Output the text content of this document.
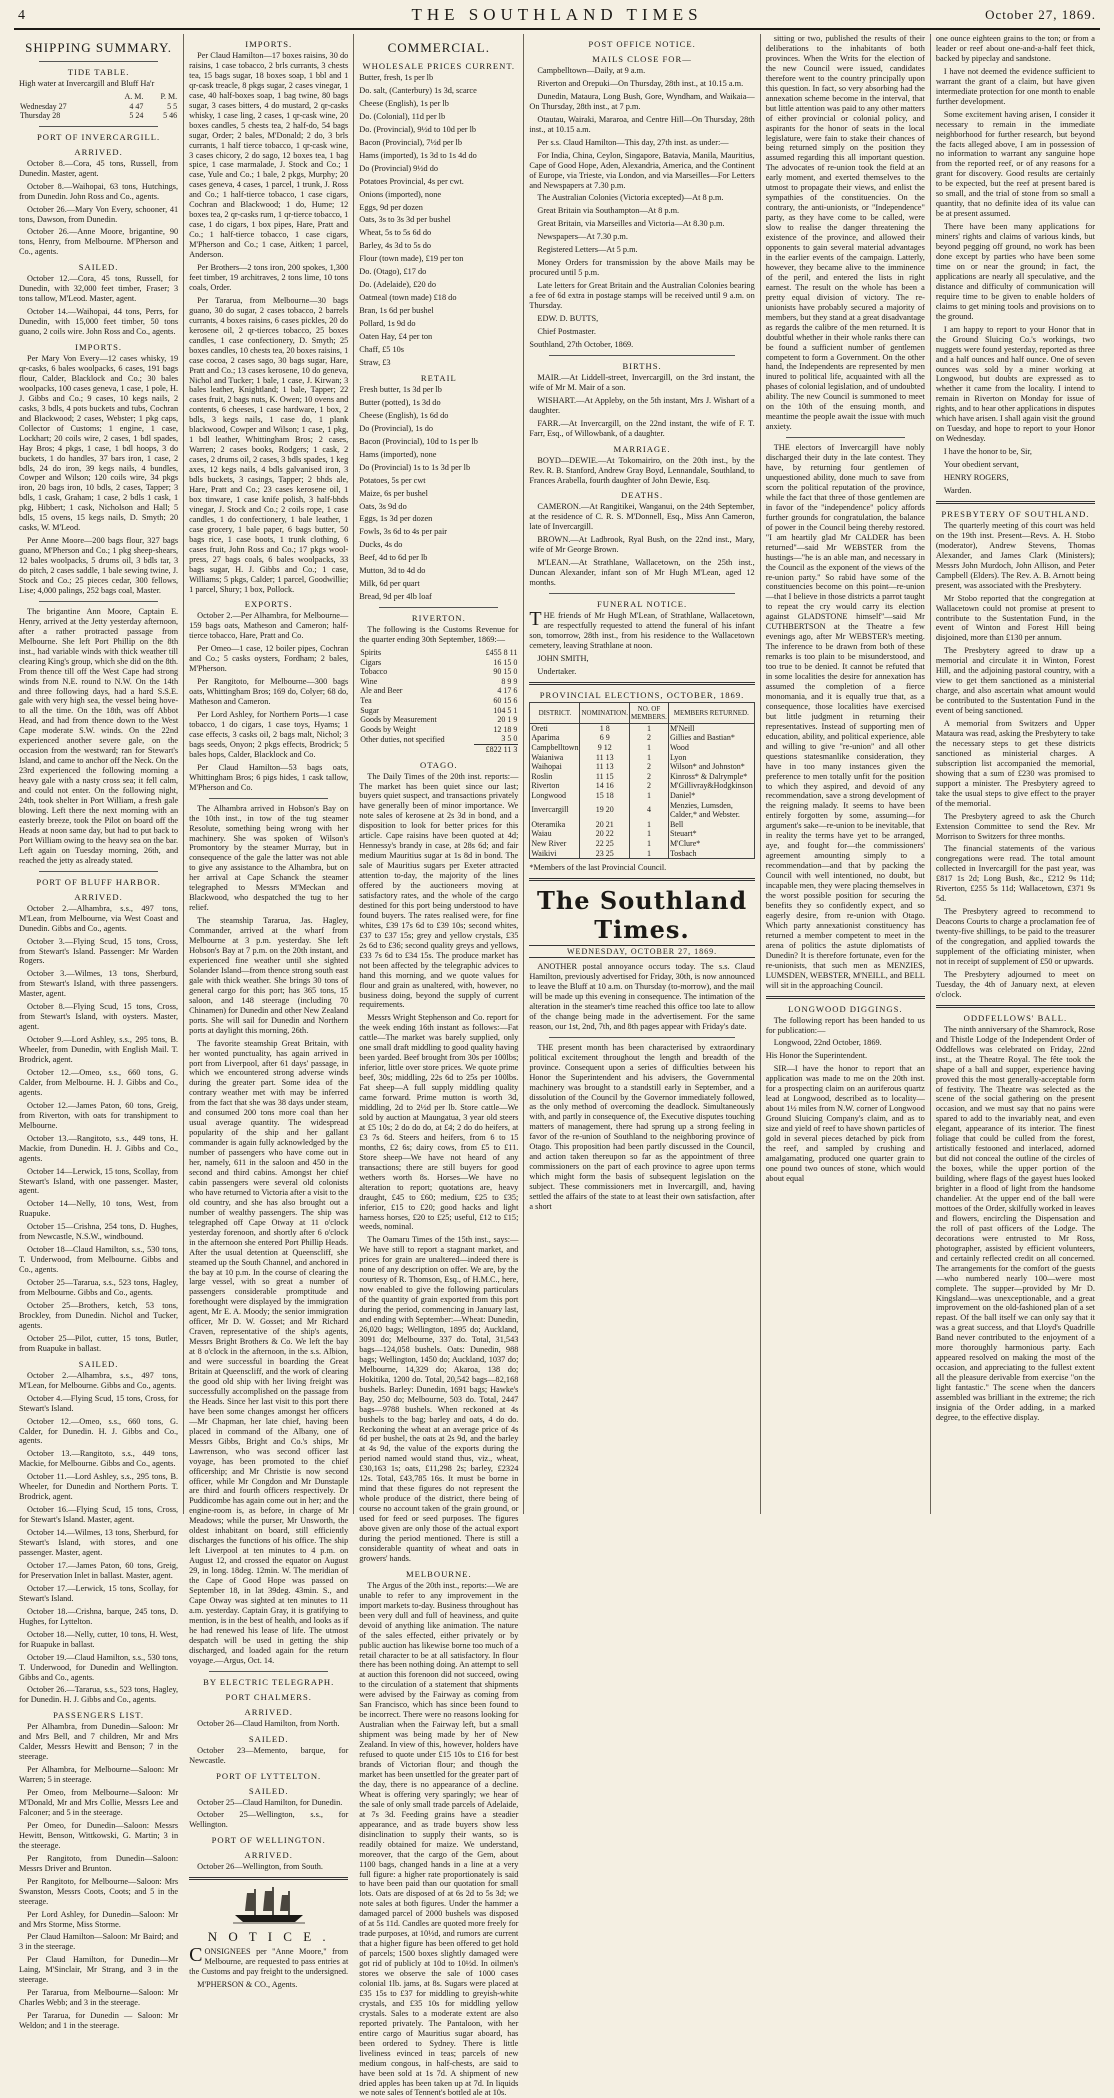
4	THE SOUTHLAND TIMES	October 27, 1869.
SHIPPING SUMMARY.
TIDE TABLE.

High water at Invercargill and Bluff Ha'r

	A. M.	P. M.
Wednesday 27	4 47	5 5
Thursday 28	5 24	5 46
PORT OF INVERCARGILL.
ARRIVED.

October 8.—Cora, 45 tons, Russell, from Dunedin. Master, agent.

October 8.—Waihopai, 63 tons, Hutchings, from Dunedin. John Ross and Co., agents.

October 26.—Mary Von Every, schooner, 41 tons, Dawson, from Dunedin.

October 26.—Anne Moore, brigantine, 90 tons, Henry, from Melbourne. M'Pherson and Co., agents.

SAILED.

October 12.—Cora, 45 tons, Russell, for Dunedin, with 32,000 feet timber, Fraser; 3 tons tallow, M'Leod. Master, agent.

October 14.—Waihopai, 44 tons, Perrs, for Dunedin, with 15,000 feet timber, 50 tons guano, 2 coils wire. John Ross and Co., agents.

IMPORTS.

Per Mary Von Every—12 cases whisky, 19 qr-casks, 6 bales woolpacks, 6 cases, 191 bags flour, Calder, Blacklock and Co.; 30 bales woolpacks, 100 cases geneva, 1 case, 1 pole, H. J. Gibbs and Co.; 9 cases, 10 kegs nails, 2 casks, 3 bdls, 4 pots buckets and tubs, Cochran and Blackwood; 2 cases, Webster; 1 pkg caps, Collector of Customs; 1 engine, 1 case, Lockhart; 20 coils wire, 2 cases, 1 bdl spades, Hay Bros; 4 pkgs, 1 case, 1 bdl hoops, 3 do buckets, 1 do handles, 37 bars iron, 1 case, 2 bdls, 24 do iron, 39 kegs nails, 4 bundles, Cowper and Wilson; 120 coils wire, 34 pkgs iron, 20 bags iron, 10 bdls, 2 cases, Tapper; 3 bdls, 1 cask, Graham; 1 case, 2 bdls 1 cask, 1 pkg, Hibbert; 1 cask, Nicholson and Hall; 5 bdls, 15 ovens, 15 kegs nails, D. Smyth; 20 casks, W. M'Leod.

Per Anne Moore—200 bags flour, 327 bags guano, M'Pherson and Co.; 1 pkg sheep-shears, 12 bales woolpacks, 5 drums oil, 3 bdls tar, 3 do pitch, 2 cases saddle, 1 bale sewing twine, J. Stock and Co.; 25 pieces cedar, 300 fellows, Lise; 4,000 palings, 252 bags coal, Master.

The brigantine Ann Moore, Captain E. Henry, arrived at the Jetty yesterday afternoon, after a rather protracted passage from Melbourne. She left Port Phillip on the 8th inst., had variable winds with thick weather till clearing King's group, which she did on the 8th. From thence till off the West Cape had strong winds from N.E. round to N.W. On the 14th and three following days, had a hard S.S.E. gale with very high sea, the vessel being hove-to all the time. On the 18th, was off Abbot Head, and had from thence down to the West Cape moderate S.W. winds. On the 22nd experienced another severe gale, on the occasion from the westward; ran for Stewart's Island, and came to anchor off the Neck. On the 23rd experienced the following morning a heavy gale with a nasty cross sea; it fell calm, and could not enter. On the following night, 24th, took shelter in Port William, a fresh gale blowing. Left there the next morning with an easterly breeze, took the Pilot on board off the Heads at noon same day, but had to put back to Port William owing to the heavy sea on the bar. Left again on Tuesday morning, 26th, and reached the jetty as already stated.

PORT OF BLUFF HARBOR.
ARRIVED.

October 2.—Alhambra, s.s., 497 tons, M'Lean, from Melbourne, via West Coast and Dunedin. Gibbs and Co., agents.

October 3.—Flying Scud, 15 tons, Cross, from Stewart's Island. Passenger: Mr Warden Rogers.

October 3.—Wilmes, 13 tons, Sherburd, from Stewart's Island, with three passengers. Master, agent.

October 8.—Flying Scud, 15 tons, Cross, from Stewart's Island, with oysters. Master, agent.

October 9.—Lord Ashley, s.s., 295 tons, B. Wheeler, from Dunedin, with English Mail. T. Brodrick, agent.

October 12.—Omeo, s.s., 660 tons, G. Calder, from Melbourne. H. J. Gibbs and Co., agents.

October 12.—James Paton, 60 tons, Greig, from Riverton, with oats for transhipment to Melbourne.

October 13.—Rangitoto, s.s., 449 tons, H. Mackie, from Dunedin. H. J. Gibbs and Co., agents.

October 14—Lerwick, 15 tons, Scollay, from Stewart's Island, with one passenger. Master, agent.

October 14—Nelly, 10 tons, West, from Ruapuke.

October 15—Crishna, 254 tons, D. Hughes, from Newcastle, N.S.W., windbound.

October 18—Claud Hamilton, s.s., 530 tons, T. Underwood, from Melbourne. Gibbs and Co., agents.

October 25—Tararua, s.s., 523 tons, Hagley, from Melbourne. Gibbs and Co., agents.

October 25—Brothers, ketch, 53 tons, Brockley, from Dunedin. Nichol and Tucker, agents.

October 25—Pilot, cutter, 15 tons, Butler, from Ruapuke in ballast.

SAILED.

October 2.—Alhambra, s.s., 497 tons, M'Lean, for Melbourne. Gibbs and Co., agents.

October 4.—Flying Scud, 15 tons, Cross, for Stewart's Island.

October 12.—Omeo, s.s., 660 tons, G. Calder, for Dunedin. H. J. Gibbs and Co., agents.

October 13.—Rangitoto, s.s., 449 tons, Mackie, for Melbourne. Gibbs and Co., agents.

October 11.—Lord Ashley, s.s., 295 tons, B. Wheeler, for Dunedin and Northern Ports. T. Brodrick, agent.

October 16.—Flying Scud, 15 tons, Cross, for Stewart's Island. Master, agent.

October 14.—Wilmes, 13 tons, Sherburd, for Stewart's Island, with stores, and one passenger. Master, agent.

October 17.—James Paton, 60 tons, Greig, for Preservation Inlet in ballast. Master, agent.

October 17.—Lerwick, 15 tons, Scollay, for Stewart's Island.

October 18.—Crishna, barque, 245 tons, D. Hughes, for Lyttelton.

October 18.—Nelly, cutter, 10 tons, H. West, for Ruapuke in ballast.

October 19.—Claud Hamilton, s.s., 530 tons, T. Underwood, for Dunedin and Wellington. Gibbs and Co., agents.

October 26.—Tararua, s.s., 523 tons, Hagley, for Dunedin. H. J. Gibbs and Co., agents.

PASSENGERS LIST.

Per Alhambra, from Dunedin—Saloon: Mr and Mrs Bell, and 7 children, Mr and Mrs Calder, Messrs Hewitt and Benson; 7 in the steerage.

Per Alhambra, for Melbourne—Saloon: Mr Warren; 5 in steerage.

Per Omeo, from Melbourne—Saloon: Mr M'Donald, Mr and Mrs Collie, Messrs Lee and Falconer; and 5 in the steerage.

Per Omeo, for Dunedin—Saloon: Messrs Hewitt, Benson, Wittkowski, G. Martin; 3 in the steerage.

Per Rangitoto, from Dunedin—Saloon: Messrs Driver and Brunton.

Per Rangitoto, for Melbourne—Saloon: Mrs Swanston, Messrs Coots, Coots; and 5 in the steerage.

Per Lord Ashley, for Dunedin—Saloon: Mr and Mrs Storme, Miss Storme.

Per Claud Hamilton—Saloon: Mr Baird; and 3 in the steerage.

Per Claud Hamilton, for Dunedin—Mr Laing, M'Sinclair, Mr Strang, and 3 in the steerage.

Per Tararua, from Melbourne—Saloon: Mr Charles Webb; and 3 in the steerage.

Per Tararua, for Dunedin — Saloon: Mr Weldon; and 1 in the steerage.

IMPORTS.

Per Claud Hamilton—17 boxes raisins, 30 do raisins, 1 case tobacco, 2 brls currants, 3 chests tea, 15 bags sugar, 18 boxes soap, 1 bbl and 1 qr-cask treacle, 8 pkgs sugar, 2 cases vinegar, 1 case, 40 half-boxes soap, 1 bag twine, 80 bags sugar, 3 cases bitters, 4 do mustard, 2 qr-casks whisky, 1 case ling, 2 cases, 1 qr-cask wine, 20 boxes candles, 5 chests tea, 2 half-do, 54 bags sugar, Order; 2 bales, M'Donald; 2 do, 3 brls currants, 1 half tierce tobacco, 1 qr-cask wine, 3 cases chicory, 2 do sago, 12 boxes tea, 1 bag spice, 1 case marmalade, J. Stock and Co.; 1 case, Yule and Co.; 1 bale, 2 pkgs, Murphy; 20 cases geneva, 4 cases, 1 parcel, 1 trunk, J. Ross and Co.; 1 half-tierce tobacco, 1 case cigars, Cochran and Blackwood; 1 do, Hume; 12 boxes tea, 2 qr-casks rum, 1 qr-tierce tobacco, 1 case, 1 do cigars, 1 box pipes, Hare, Pratt and Co.; 1 half-tierce tobacco, 1 case cigars, M'Pherson and Co.; 1 case, Aitken; 1 parcel, Anderson.

Per Brothers—2 tons iron, 200 spokes, 1,300 feet timber, 19 architraves, 2 tons lime, 10 tons coals, Order.

Per Tararua, from Melbourne—30 bags guano, 30 do sugar, 2 cases tobacco, 2 barrels currants, 4 boxes raisins, 6 cases pickles, 20 do kerosene oil, 2 qr-tierces tobacco, 25 boxes candles, 1 case confectionery, D. Smyth; 25 boxes candles, 10 chests tea, 20 boxes raisins, 1 case cocoa, 2 cases sago, 30 bags sugar, Hare, Pratt and Co.; 13 cases kerosene, 10 do geneva, Nichol and Tucker; 1 bale, 1 case, J. Kirwan; 3 bales leather, Knightland; 1 bale, Tapper; 22 cases fruit, 2 bags nuts, K. Owen; 10 ovens and contents, 6 cheeses, 1 case hardware, 1 box, 2 bdls, 3 kegs nails, 1 case do, 1 plank blackwood, Cowper and Wilson; 1 case, 1 pkg, 1 bdl leather, Whittingham Bros; 2 cases, Warren; 2 cases books, Rodgers; 1 cask, 2 cases, 2 drums oil, 2 cases, 3 bdls spades, 1 keg axes, 12 kegs nails, 4 bdls galvanised iron, 3 bdls buckets, 3 casings, Tapper; 2 bhds ale, Hare, Pratt and Co.; 23 cases kerosene oil, 1 box tinware, 1 case knife polish, 3 half-bhds vinegar, J. Stock and Co.; 2 coils rope, 1 case candles, 1 do confectionery, 1 bale leather, 1 case grocery, 1 bale paper, 6 bags butter, 50 bags rice, 1 case boots, 1 trunk clothing, 6 cases fruit, John Ross and Co.; 17 pkgs wool-press, 27 bags coals, 6 bales woolpacks, 33 bags sugar, H. J. Gibbs and Co.; 1 case, Williams; 5 pkgs, Calder; 1 parcel, Goodwillie; 1 parcel, Shury; 1 box, Pollock.

EXPORTS.

October 2.—Per Alhambra, for Melbourne—159 bags oats, Matheson and Cameron; half-tierce tobacco, Hare, Pratt and Co.

Per Omeo—1 case, 12 boiler pipes, Cochran and Co.; 5 casks oysters, Fordham; 2 bales, M'Pherson.

Per Rangitoto, for Melbourne—300 bags oats, Whittingham Bros; 169 do, Colyer; 68 do, Matheson and Cameron.

Per Lord Ashley, for Northern Ports—1 case tobacco, 1 do cigars, 1 case toys, Hyams; 1 case effects, 3 casks oil, 2 bags malt, Nichol; 3 bags seeds, Onyon; 2 pkgs effects, Brodrick; 5 bales hops, Calder, Blacklock and Co.

Per Claud Hamilton—53 bags oats, Whittingham Bros; 6 pigs hides, 1 cask tallow, M'Pherson and Co.

The Alhambra arrived in Hobson's Bay on the 10th inst., in tow of the tug steamer Resolute, something being wrong with her machinery. She was spoken of Wilson's Promontory by the steamer Murray, but in consequence of the gale the latter was not able to give any assistance to the Alhambra, but on her arrival at Cape Schanck the steamer telegraphed to Messrs M'Meckan and Blackwood, who despatched the tug to her relief.

The steamship Tararua, Jas. Hagley, Commander, arrived at the wharf from Melbourne at 3 p.m. yesterday. She left Hobson's Bay at 7 p.m. on the 20th instant, and experienced fine weather until she sighted Solander Island—from thence strong south east gale with thick weather. She brings 30 tons of general cargo for this port; has 365 tons, 15 saloon, and 148 steerage (including 70 Chinamen) for Dunedin and other New Zealand ports. She will sail for Dunedin and Northern ports at daylight this morning, 26th.

The favorite steamship Great Britain, with her wonted punctuality, has again arrived in port from Liverpool, after 61 days' passage, in which we encountered strong adverse winds during the greater part. Some idea of the contrary weather met with may be inferred from the fact that she was 38 days under steam, and consumed 200 tons more coal than her usual average quantity. The widespread popularity of the ship and her gallant commander is again fully acknowledged by the number of passengers who have come out in her, namely, 611 in the saloon and 450 in the second and third cabins. Amongst her chief cabin passengers were several old colonists who have returned to Victoria after a visit to the old country, and she has also brought out a number of wealthy passengers. The ship was telegraphed off Cape Otway at 11 o'clock yesterday forenoon, and shortly after 6 o'clock in the afternoon she entered Port Phillip Heads. After the usual detention at Queenscliff, she steamed up the South Channel, and anchored in the bay at 10 p.m. In the course of clearing the large vessel, with so great a number of passengers considerable promptitude and forethought were displayed by the immigration agent, Mr E. A. Moody; the senior immigration officer, Mr D. W. Gosset; and Mr Richard Craven, representative of the ship's agents, Messrs Bright Brothers & Co. We left the bay at 8 o'clock in the afternoon, in the s.s. Albion, and were successful in boarding the Great Britain at Queenscliff, and the work of clearing the good old ship with her living freight was successfully accomplished on the passage from the Heads. Since her last visit to this port there have been some changes amongst her officers—Mr Chapman, her late chief, having been placed in command of the Albany, one of Messrs Gibbs, Bright and Co.'s ships, Mr Lawrenson, who was second officer last voyage, has been promoted to the chief officership; and Mr Christie is now second officer, while Mr Congdon and Mr Dunstaple are third and fourth officers respectively. Dr Puddicombe has again come out in her; and the engine-room is, as before, in charge of Mr Meadows; while the purser, Mr Unsworth, the oldest inhabitant on board, still efficiently discharges the functions of his office. The ship left Liverpool at ten minutes to 4 p.m. on August 12, and crossed the equator on August 29, in long. 18deg. 12min. W. The meridian of the Cape of Good Hope was passed on September 18, in lat 39deg. 43min. S., and Cape Otway was sighted at ten minutes to 11 a.m. yesterday. Captain Gray, it is gratifying to mention, is in the best of health, and looks as if he had renewed his lease of life. The utmost despatch will be used in getting the ship discharged, and loaded again for the return voyage.—Argus, Oct. 14.

BY ELECTRIC TELEGRAPH.
PORT CHALMERS.
ARRIVED.

October 26—Claud Hamilton, from North.

SAILED.

October 23—Memento, barque, for Newcastle.

PORT OF LYTTELTON.
SAILED.

October 25—Claud Hamilton, for Dunedin.

October 25—Wellington, s.s., for Wellington.

PORT OF WELLINGTON.
ARRIVED.

October 26—Wellington, from South.

N O T I C E .

CONSIGNEES per "Anne Moore," from Melbourne, are requested to pass entries at the Customs and pay freight to the undersigned.

M'PHERSON & CO., Agents.

COMMERCIAL.
WHOLESALE PRICES CURRENT.

Butter, fresh, 1s per lb

Do. salt, (Canterbury) 1s 3d, scarce

Cheese (English), 1s per lb

Do. (Colonial), 11d per lb

Do. (Provincial), 9½d to 10d per lb

Bacon (Provincial), 7½d per lb

Hams (imported), 1s 3d to 1s 4d do

Do (Provincial) 9½d do

Potatoes Provincial, 4s per cwt.

Onions (imported), none

Eggs, 9d per dozen

Oats, 3s to 3s 3d per bushel

Wheat, 5s to 5s 6d do

Barley, 4s 3d to 5s do

Flour (town made), £19 per ton

Do. (Otago), £17 do

Do. (Adelaide), £20 do

Oatmeal (town made) £18 do

Bran, 1s 6d per bushel

Pollard, 1s 9d do

Oaten Hay, £4 per ton

Chaff, £5 10s

Straw, £3

RETAIL

Fresh butter, 1s 3d per lb

Butter (potted), 1s 3d do

Cheese (English), 1s 6d do

Do (Provincial), 1s do

Bacon (Provincial), 10d to 1s per lb

Hams (imported), none

Do (Provincial) 1s to 1s 3d per lb

Potatoes, 5s per cwt

Maize, 6s per bushel

Oats, 3s 9d do

Eggs, 1s 3d per dozen

Fowls, 3s 6d to 4s per pair

Ducks, 4s do

Beef, 4d to 6d per lb

Mutton, 3d to 4d do

Milk, 6d per quart

Bread, 9d per 4lb loaf

RIVERTON.

The following is the Customs Revenue for the quarter ending 30th September, 1869:—

Spirits	£455 8 11
Cigars	16 15 0
Tobacco	90 15 0
Wine	8 9 9
Ale and Beer	4 17 6
Tea	60 15 6
Sugar	104 5 1
Goods by Measurement	20 1 9
Goods by Weight	12 18 9
Other duties, not specified	3 5 0
	£822 11 3
OTAGO.

The Daily Times of the 20th inst. reports:—The market has been quiet since our last; buyers quiet suspect, and transactions privately have generally been of minor importance. We note sales of kerosene at 2s 3d in bond, and a disposition to look for better prices for this article. Cape raisins have been quoted at 4d; Hennessy's brandy in case, at 28s 6d; and fair medium Mauritius sugar at 1s 8d in bond. The sale of Mauritius sugars per Exeter attracted attention to-day, the majority of the lines offered by the auctioneers moving at satisfactory rates, and the whole of the cargo destined for this port being understood to have found buyers. The rates realised were, for fine whites, £39 17s 6d to £39 10s; second whites, £37 to £37 15s; grey and yellow crystals, £35 2s 6d to £36; second quality greys and yellows, £33 7s 6d to £34 15s. The produce market has not been affected by the telegraphic advices to hand this morning, and we quote values for flour and grain as unaltered, with, however, no business doing, beyond the supply of current requirements.

Messrs Wright Stephenson and Co. report for the week ending 16th instant as follows:—Fat cattle—The market was barely supplied, only one small draft middling to good quality having been yarded. Beef brought from 30s per 100lbs; inferior, little over store prices. We quote prime beef, 30s; middling, 22s 6d to 25s per 100lbs. Fat sheep—A full supply middling quality came forward. Prime mutton is worth 3d, middling, 2d to 2½d per lb. Store cattle—We sold by auction at Maungatua, 3 year old steers at £5 10s; 2 do do do, at £4; 2 do do heifers, at £3 7s 6d. Steers and heifers, from 6 to 15 months, £2 6s; dairy cows, from £5 to £11. Store sheep—We have not heard of any transactions; there are still buyers for good wethers worth 8s. Horses—We have no alteration to report; quotations are, heavy draught, £45 to £60; medium, £25 to £35; inferior, £15 to £20; good hacks and light harness horses, £20 to £25; useful, £12 to £15; weeds, nominal.

The Oamaru Times of the 15th inst., says:—We have still to report a stagnant market, and prices for grain are unaltered—indeed there is none of any description on offer. We are, by the courtesy of R. Thomson, Esq., of H.M.C., here, now enabled to give the following particulars of the quantity of grain exported from this port during the period, commencing in January last, and ending with September:—Wheat: Dunedin, 26,020 bags; Wellington, 1895 do; Auckland, 3091 do; Melbourne, 337 do. Total, 31,543 bags—124,058 bushels. Oats: Dunedin, 988 bags; Wellington, 1450 do; Auckland, 1037 do; Melbourne, 14,329 do; Akaroa, 138 do; Hokitika, 1200 do. Total, 20,542 bags—82,168 bushels. Barley: Dunedin, 1691 bags; Hawke's Bay, 250 do; Melbourne, 503 do. Total, 2447 bags—9788 bushels. When reckoned at 4s bushels to the bag; barley and oats, 4 do do. Reckoning the wheat at an average price of 4s 6d per bushel, the oats at 2s 9d, and the barley at 4s 9d, the value of the exports during the period named would stand thus, viz., wheat, £30,163 1s; oats, £11,298 2s; barley, £2324 12s. Total, £43,785 16s. It must be borne in mind that these figures do not represent the whole produce of the district, there being of course no account taken of the grain ground, or used for feed or seed purposes. The figures above given are only those of the actual export during the period mentioned. There is still a considerable quantity of wheat and oats in growers' hands.

MELBOURNE.

The Argus of the 20th inst., reports:—We are unable to refer to any improvement in the import markets to-day. Business throughout has been very dull and full of heaviness, and quite devoid of anything like animation. The nature of the sales effected, either privately or by public auction has likewise borne too much of a retail character to be at all satisfactory. In flour there has been nothing doing. An attempt to sell at auction this forenoon did not succeed, owing to the circulation of a statement that shipments were advised by the Fairway as coming from San Francisco, which has since been found to be incorrect. There were no reasons looking for Australian when the Fairway left, but a small shipment was being made by her of New Zealand. In view of this, however, holders have refused to quote under £15 10s to £16 for best brands of Victorian flour; and though the market has been unsettled for the greater part of the day, there is no appearance of a decline. Wheat is offering very sparingly; we hear of the sale of only small trade parcels of Adelaide, at 7s 3d. Feeding grains have a steadier appearance, and as trade buyers show less disinclination to supply their wants, so is readily obtained for maize. We understand, moreover, that the cargo of the Gem, about 1100 bags, changed hands in a line at a very full figure: a higher rate proportionately is said to have been paid than our quotation for small lots. Oats are disposed of at 6s 2d to 5s 3d; we note sales at both figures. Under the hammer a damaged parcel of 2000 bushels was disposed of at 5s 11d. Candles are quoted more freely for trade purposes, at 10½d, and rumors are current that a higher figure has been offered to get hold of parcels; 1500 boxes slightly damaged were got rid of publicly at 10d to 10½d. In oilmen's stores we observe the sale of 1000 cases colonial 1lb. jams, at 8s. Sugars were placed at £35 15s to £37 for middling to greyish-white crystals, and £35 10s for middling yellow crystals. Sales to a moderate extent are also reported privately. The Pantaloon, with her entire cargo of Mauritius sugar aboard, has been ordered to Sydney. There is little liveliness evinced in teas; parcels of new medium congous, in half-chests, are said to have been sold at 1s 7d. A shipment of new dried apples has been taken up at 7d. In liquids we note sales of Tennent's bottled ale at 10s.

POST OFFICE NOTICE.
MAILS CLOSE FOR—

Campbelltown—Daily, at 9 a.m.

Riverton and Orepuki—On Thursday, 28th inst., at 10.15 a.m.

Dunedin, Mataura, Long Bush, Gore, Wyndham, and Waikaia—On Thursday, 28th inst., at 7 p.m.

Otautau, Wairaki, Mararoa, and Centre Hill—On Thursday, 28th inst., at 10.15 a.m.

Per s.s. Claud Hamilton—This day, 27th inst. as under:—

For India, China, Ceylon, Singapore, Batavia, Manila, Mauritius, Cape of Good Hope, Aden, Alexandria, America, and the Continent of Europe, via Trieste, via London, and via Marseilles—For Letters and Newspapers at 7.30 p.m.

The Australian Colonies (Victoria excepted)—At 8 p.m.

Great Britain via Southampton—At 8 p.m.

Great Britain, via Marseilles and Victoria—At 8.30 p.m.

Newspapers—At 7.30 p.m.

Registered Letters—At 5 p.m.

Money Orders for transmission by the above Mails may be procured until 5 p.m.

Late letters for Great Britain and the Australian Colonies bearing a fee of 6d extra in postage stamps will be received until 9 a.m. on Thursday.

EDW. D. BUTTS,

Chief Postmaster.

Southland, 27th October, 1869.

BIRTHS.

MAIR.—At Liddell-street, Invercargill, on the 3rd instant, the wife of Mr M. Mair of a son.

WISHART.—At Appleby, on the 5th instant, Mrs J. Wishart of a daughter.

FARR.—At Invercargill, on the 22nd instant, the wife of F. T. Farr, Esq., of Willowbank, of a daughter.

MARRIAGE.

BOYD—DEWIE.—At Tokomairiro, on the 20th inst., by the Rev. R. B. Stanford, Andrew Gray Boyd, Lennandale, Southland, to Frances Arabella, fourth daughter of John Dewie, Esq.

DEATHS.

CAMERON.—At Rangitikei, Wanganui, on the 24th September, at the residence of C. R. S. M'Donnell, Esq., Miss Ann Cameron, late of Invercargill.

BROWN.—At Ladbrook, Ryal Bush, on the 22nd inst., Mary, wife of Mr George Brown.

M'LEAN.—At Strathlane, Wallacetown, on the 25th inst., Duncan Alexander, infant son of Mr Hugh M'Lean, aged 12 months.

FUNERAL NOTICE.

THE friends of Mr Hugh M'Lean, of Strathlane, Wallacetown, are respectfully requested to attend the funeral of his infant son, tomorrow, 28th inst., from his residence to the Wallacetown cemetery, leaving Strathlane at noon.

JOHN SMITH,

Undertaker.

PROVINCIAL ELECTIONS, OCTOBER, 1869.
DISTRICT.	NOMINATION.	NO. OF MEMBERS.	MEMBERS RETURNED.
Oreti	1 8	1	M'Neill
Aparima	6 9	2	Gillies and Bastian*
Campbelltown	9 12	1	Wood
Waianiwa	11 13	1	Lyon
Waihopai	11 13	2	Wilson* and Johnston*
Roslin	11 15	2	Kinross* & Dalrymple*
Riverton	14 16	2	M'Gillivray&Hodgkinson
Longwood	15 18	1	Daniel*
Invercargill	19 20	4	Menzies, Lumsden, Calder,* and Webster.
Oteramika	20 21	1	Bell
Waiau	20 22	1	Steuart*
New River	22 25	1	M'Clure*
Waikivi	23 25	1	Tosbach

*Members of the last Provincial Council.

The Southland Times.
WEDNESDAY, OCTOBER 27, 1869.

ANOTHER postal annoyance occurs today. The s.s. Claud Hamilton, previously advertised for Friday, 30th, is now announced to leave the Bluff at 10 a.m. on Thursday (to-morrow), and the mail will be made up this evening in consequence. The intimation of the alteration in the steamer's time reached this office too late to allow of the change being made in the advertisement. For the same reason, our 1st, 2nd, 7th, and 8th pages appear with Friday's date.

THE present month has been characterised by extraordinary political excitement throughout the length and breadth of the province. Consequent upon a series of difficulties between his Honor the Superintendent and his advisers, the Governmental machinery was brought to a standstill early in September, and a dissolution of the Council by the Governor immediately followed, as the only method of overcoming the deadlock. Simultaneously with, and partly in consequence of, the Executive disputes touching matters of management, there had sprung up a strong feeling in favor of the re-union of Southland to the neighboring province of Otago. This proposition had been partly discussed in the Council, and action taken thereupon so far as the appointment of three commissioners on the part of each province to agree upon terms which might form the basis of subsequent legislation on the subject. These commissioners met in Invercargill, and, having settled the affairs of the state to at least their own satisfaction, after a short

sitting or two, published the results of their deliberations to the inhabitants of both provinces. When the Writs for the election of the new Council were issued, candidates therefore went to the country principally upon this question. In fact, so very absorbing had the annexation scheme become in the interval, that but little attention was paid to any other matters of either provincial or colonial policy, and aspirants for the honor of seats in the local legislature, were fain to stake their chances of being returned simply on the position they assumed regarding this all important question. The advocates of re-union took the field at an early moment, and exerted themselves to the utmost to propagate their views, and enlist the sympathies of the constituencies. On the contrary, the anti-unionists, or "Independence" party, as they have come to be called, were slow to realise the danger threatening the existence of the province, and allowed their opponents to gain several material advantages in the earlier events of the campaign. Latterly, however, they became alive to the imminence of the peril, and entered the lists in right earnest. The result on the whole has been a pretty equal division of victory. The re-unionists have probably secured a majority of members, but they stand at a great disadvantage as regards the calibre of the men returned. It is doubtful whether in their whole ranks there can be found a sufficient number of gentlemen competent to form a Government. On the other hand, the Independents are represented by men inured to political life, acquainted with all the phases of colonial legislation, and of undoubted ability. The new Council is summoned to meet on the 10th of the ensuing month, and meantime the people await the issue with much anxiety.

THE electors of Invercargill have nobly discharged their duty in the late contest. They have, by returning four gentlemen of unquestioned ability, done much to save from scorn the political reputation of the province, while the fact that three of those gentlemen are in favor of the "independence" policy affords further grounds for congratulation, the balance of power in the Council being thereby restored. "I am heartily glad Mr CALDER has been returned"—said Mr WEBSTER from the hustings—"he is an able man, and necessary in the Council as the exponent of the views of the re-union party." So rabid have some of the constituencies become on this point—re-union—that I believe in those districts a parrot taught to repeat the cry would carry its election against GLADSTONE himself"—said Mr CUTHBERTSON at the Theatre a few evenings ago, after Mr WEBSTER's meeting. The inference to be drawn from both of these remarks is too plain to be misunderstood, and too true to be denied. It cannot be refuted that in some localities the desire for annexation has assumed the completion of a fierce monomania, and it is equally true that, as a consequence, those localities have exercised but little judgment in returning their representatives. Instead of supporting men of education, ability, and political experience, able and willing to give "re-union" and all other questions statesmanlike consideration, they have in too many instances given the preference to men totally unfit for the position to which they aspired, and devoid of any recommendation, save a strong development of the reigning malady. It seems to have been entirely forgotten by some, assuming—for argument's sake—re-union to be inevitable, that in reality the terms have yet to be arranged, aye, and fought for—the commissioners' agreement amounting simply to a recommendation—and that by packing the Council with well intentioned, no doubt, but incapable men, they were placing themselves in the worst possible position for securing the benefits they so confidently expect, and so eagerly desire, from re-union with Otago. Which party annexationist constituency has returned a member competent to meet in the arena of politics the astute diplomatists of Dunedin? It is therefore fortunate, even for the re-unionists, that such men as MENZIES, LUMSDEN, WEBSTER, M'NEILL, and BELL will sit in the approaching Council.

LONGWOOD DIGGINGS.

The following report has been handed to us for publication:—

Longwood, 22nd October, 1869.

His Honor the Superintendent.

SIR—I have the honor to report that an application was made to me on the 20th inst. for a prospecting claim on an auriferous quartz lead at Longwood, described as to locality—about 1½ miles from N.W. corner of Longwood Ground Sluicing Company's claim, and as to size and yield of reef to have shown particles of gold in several pieces detached by pick from the reef, and sampled by crushing and amalgamating, produced one quarter grain to one pound two ounces of stone, which would about equal

one ounce eighteen grains to the ton; or from a leader or reef about one-and-a-half feet thick, backed by pipeclay and sandstone.

I have not deemed the evidence sufficient to warrant the grant of a claim, but have given intermediate protection for one month to enable further development.

Some excitement having arisen, I consider it necessary to remain in the immediate neighborhood for further research, but beyond the facts alleged above, I am in possession of no information to warrant any sanguine hope from the reported reef, or of any reasons for a grant for discovery. Good results are certainly to be expected, but the reef at present bared is so small, and the trial of stone from so small a quantity, that no definite idea of its value can be at present assumed.

There have been many applications for miners' rights and claims of various kinds, but beyond pegging off ground, no work has been done except by parties who have been some time on or near the ground; in fact, the applications are nearly all speculative, and the distance and difficulty of communication will require time to be given to enable holders of claims to get mining tools and provisions on to the ground.

I am happy to report to your Honor that in the Ground Sluicing Co.'s workings, two nuggets were found yesterday, reported as three and a half ounces and half ounce. One of seven ounces was sold by a miner working at Longwood, but doubts are expressed as to whether it came from the locality. I intend to remain in Riverton on Monday for issue of rights, and to hear other applications in disputes which have arisen. I shall again visit the ground on Tuesday, and hope to report to your Honor on Wednesday.

I have the honor to be, Sir,

Your obedient servant,

HENRY ROGERS,

Warden.

PRESBYTERY OF SOUTHLAND.

The quarterly meeting of this court was held on the 19th inst. Present—Revs. A. H. Stobo (moderator), Andrew Stevens, Thomas Alexander, and James Clark (Ministers); Messrs John Murdoch, John Allison, and Peter Campbell (Elders). The Rev. A. B. Arnott being present, was associated with the Presbytery.

Mr Stobo reported that the congregation at Wallacetown could not promise at present to contribute to the Sustentation Fund, in the event of Winton and Forest Hill being disjoined, more than £130 per annum.

The Presbytery agreed to draw up a memorial and circulate it in Winton, Forest Hill, and the adjoining pastoral country, with a view to get them sanctioned as a ministerial charge, and also ascertain what amount would be contributed to the Sustentation Fund in the event of being sanctioned.

A memorial from Switzers and Upper Mataura was read, asking the Presbytery to take the necessary steps to get these districts sanctioned as ministerial charges. A subscription list accompanied the memorial, showing that a sum of £230 was promised to support a minister. The Presbytery agreed to take the usual steps to give effect to the prayer of the memorial.

The Presbytery agreed to ask the Church Extension Committee to send the Rev. Mr Morrison to Switzers for three months.

The financial statements of the various congregations were read. The total amount collected in Invercargill for the past year, was £817 1s 2d; Long Bush, &c., £212 9s 11d; Riverton, £255 5s 11d; Wallacetown, £371 9s 5d.

The Presbytery agreed to recommend to Deacons Courts to charge a proclamation fee of twenty-five shillings, to be paid to the treasurer of the congregation, and applied towards the supplement of the officiating minister, when not in receipt of supplement of £50 or upwards.

The Presbytery adjourned to meet on Tuesday, the 4th of January next, at eleven o'clock.

ODDFELLOWS' BALL.

The ninth anniversary of the Shamrock, Rose and Thistle Lodge of the Independent Order of Oddfellows was celebrated on Friday, 22nd inst., at the Theatre Royal. The fête took the shape of a ball and supper, experience having proved this the most generally-acceptable form of festivity. The Theatre was selected as the scene of the social gathering on the present occasion, and we must say that no pains were spared to add to the invariably neat, and even elegant, appearance of its interior. The finest foliage that could be culled from the forest, artistically festooned and interlaced, adorned but did not conceal the outline of the circles of the boxes, while the upper portion of the building, where flags of the gayest hues looked brighter in a flood of light from the handsome chandelier. At the upper end of the ball were mottoes of the Order, skilfully worked in leaves and flowers, encircling the Dispensation and the roll of past officers of the Lodge. The decorations were entrusted to Mr Ross, photographer, assisted by efficient volunteers, and certainly reflected credit on all concerned. The arrangements for the comfort of the guests—who numbered nearly 100—were most complete. The supper—provided by Mr D. Kingsland—was unexceptionable, and a great improvement on the old-fashioned plan of a set repast. Of the ball itself we can only say that it was a great success, and that Lloyd's Quadrille Band never contributed to the enjoyment of a more thoroughly harmonious party. Each appeared resolved on making the most of the occasion, and appreciating to the fullest extent all the pleasure derivable from exercise "on the light fantastic." The scene when the dancers assembled was brilliant in the extreme; the rich insignia of the Order adding, in a marked degree, to the effective display.
